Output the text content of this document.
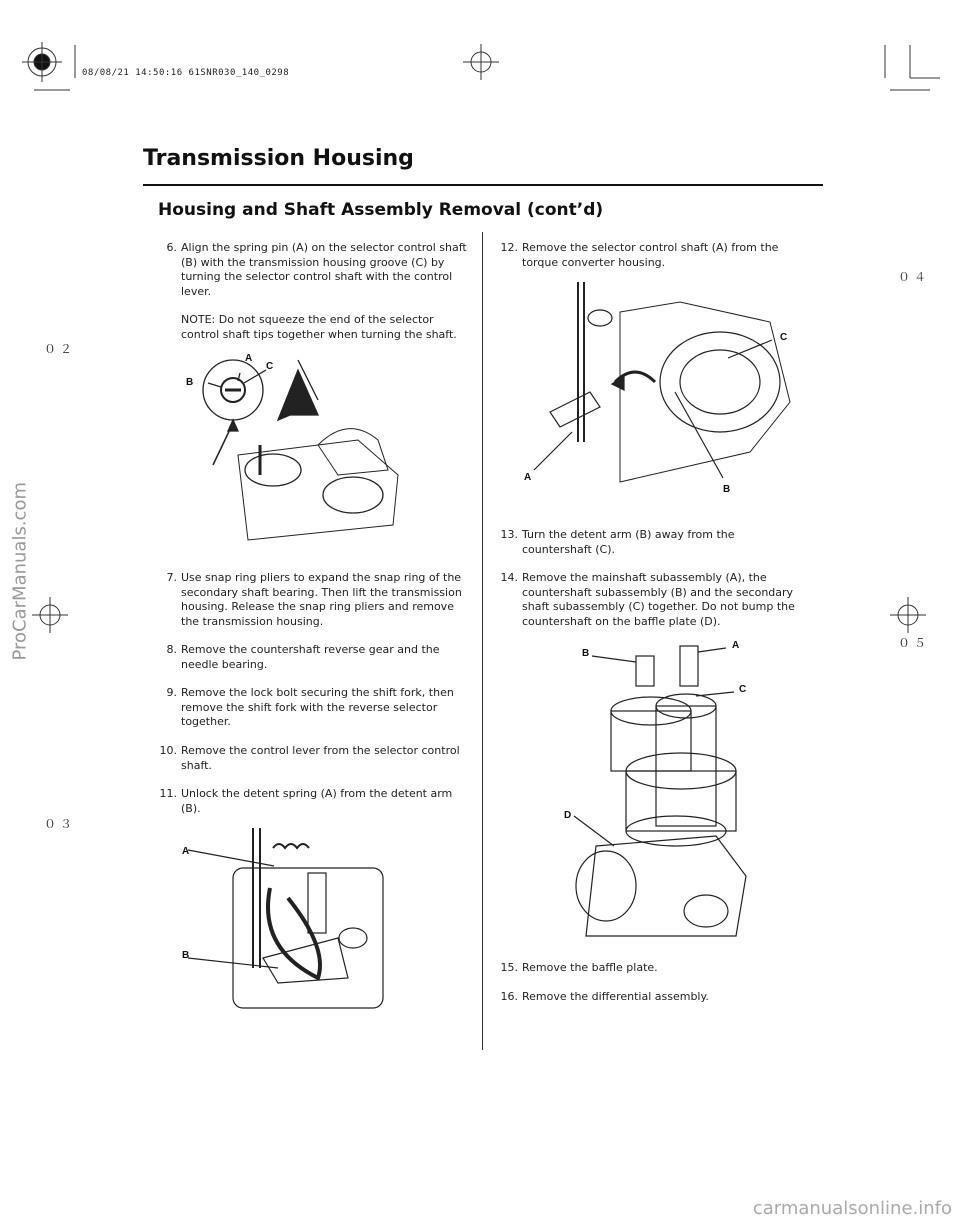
08/08/21 14:50:16 61SNR030_140_0298
Transmission Housing
Housing and Shaft Assembly Removal (cont’d)
０２
０３
０４
０５
ProCarManuals.com
carmanualsonline.info
6. Align the spring pin (A) on the selector control shaft (B) with the transmission housing groove (C) by turning the selector control shaft with the control lever.
NOTE: Do not squeeze the end of the selector control shaft tips together when turning the shaft.
B
A
C
7. Use snap ring pliers to expand the snap ring of the secondary shaft bearing. Then lift the transmission housing. Release the snap ring pliers and remove the transmission housing.
8. Remove the countershaft reverse gear and the needle bearing.
9. Remove the lock bolt securing the shift fork, then remove the shift fork with the reverse selector together.
10. Remove the control lever from the selector control shaft.
11. Unlock the detent spring (A) from the detent arm (B).
A
B
12. Remove the selector control shaft (A) from the torque converter housing.
C
A
B
13. Turn the detent arm (B) away from the countershaft (C).
14. Remove the mainshaft subassembly (A), the countershaft subassembly (B) and the secondary shaft subassembly (C) together. Do not bump the countershaft on the baffle plate (D).
B
A
C
D
15. Remove the baffle plate.
16. Remove the differential assembly.
